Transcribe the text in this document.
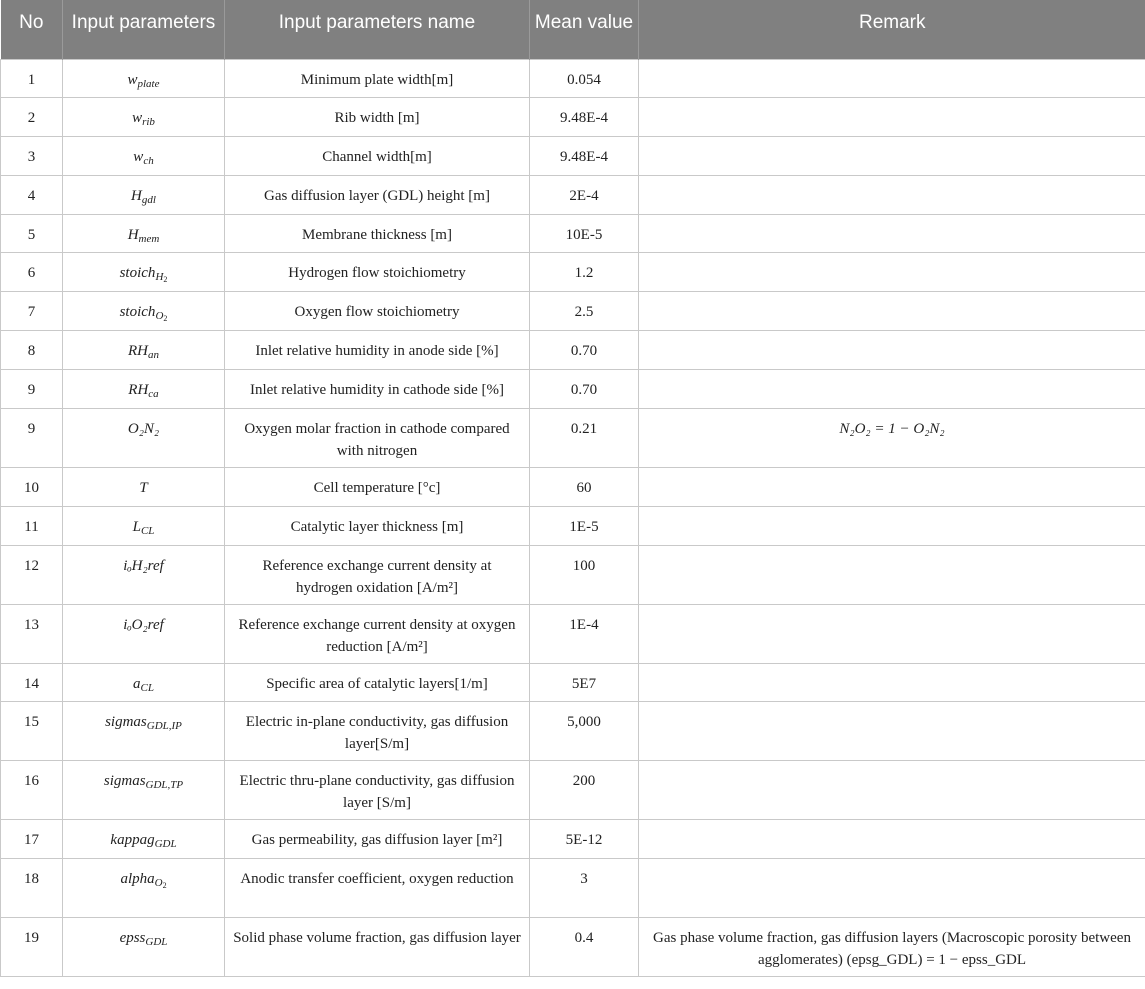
No	Input parameters	Input parameters name	Mean value	Remark
1	$w_{plate}$	Minimum plate width[m]	0.054	
2	$w_{rib}$	Rib width [m]	9.48E-4	
3	$w_{ch}$	Channel width[m]	9.48E-4	
4	$H_{gdl}$	Gas diffusion layer (GDL) height [m]	2E-4	
5	$H_{mem}$	Membrane thickness [m]	10E-5	
6	stoich$_{H_2}$	Hydrogen flow stoichiometry	1.2	
7	stoich$_{O_2}$	Oxygen flow stoichiometry	2.5	
8	$RH_{an}$	Inlet relative humidity in anode side [%]	0.70	
9	$RH_{ca}$	Inlet relative humidity in cathode side [%]	0.70	
9	O₂N₂	Oxygen molar fraction in cathode compared with nitrogen	0.21	N₂O₂ = 1 − O₂N₂
10	T	Cell temperature [°c]	60	
11	$L_{CL}$	Catalytic layer thickness [m]	1E-5	
12	iₒH₂ref	Reference exchange current density at hydrogen oxidation [A/m²]	100	
13	iₒO₂ref	Reference exchange current density at oxygen reduction [A/m²]	1E-4	
14	$a_{CL}$	Specific area of catalytic layers[1/m]	5E7	
15	sigmas$_{GDL,IP}$	Electric in-plane conductivity, gas diffusion layer[S/m]	5,000	
16	sigmas$_{GDL,TP}$	Electric thru-plane conductivity, gas diffusion layer [S/m]	200	
17	kappag$_{GDL}$	Gas permeability, gas diffusion layer [m²]	5E-12	
18	alpha$_{O_2}$	Anodic transfer coefficient, oxygen reduction	3	
19	epss$_{GDL}$	Solid phase volume fraction, gas diffusion layer	0.4	Gas phase volume fraction, gas diffusion layers (Macroscopic porosity between agglomerates) (epsg_GDL) = 1 − epss_GDL
